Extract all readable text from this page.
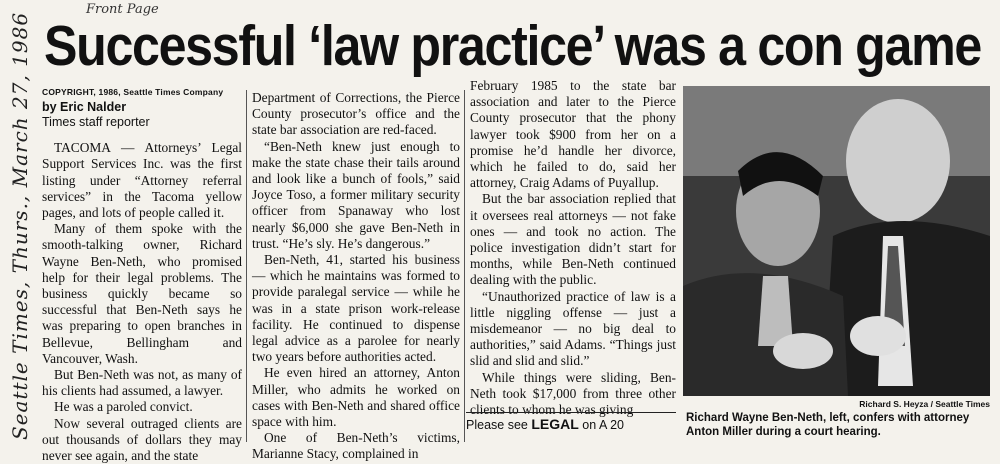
Seattle Times, Thurs., March 27, 1986
Front Page
Successful ‘law practice’ was a con game

COPYRIGHT, 1986, Seattle Times Company

by Eric Nalder

Times staff reporter

TACOMA — Attorneys’ Legal Support Services Inc. was the first listing under “Attorney referral services” in the Tacoma yellow pages, and lots of people called it.

Many of them spoke with the smooth-talking owner, Richard Wayne Ben-Neth, who promised help for their legal problems. The business quickly became so successful that Ben-Neth says he was preparing to open branches in Bellevue, Bellingham and Vancouver, Wash.

But Ben-Neth was not, as many of his clients had assumed, a lawyer.

He was a paroled convict.

Now several outraged clients are out thousands of dollars they may never see again, and the state

Department of Corrections, the Pierce County prosecutor’s office and the state bar association are red-faced.

“Ben-Neth knew just enough to make the state chase their tails around and look like a bunch of fools,” said Joyce Toso, a former military security officer from Spanaway who lost nearly $6,000 she gave Ben-Neth in trust. “He’s sly. He’s dangerous.”

Ben-Neth, 41, started his business — which he maintains was formed to provide paralegal service — while he was in a state prison work-release facility. He continued to dispense legal advice as a parolee for nearly two years before authorities acted.

He even hired an attorney, Anton Miller, who admits he worked on cases with Ben-Neth and shared office space with him.

One of Ben-Neth’s victims, Marianne Stacy, complained in

February 1985 to the state bar association and later to the Pierce County prosecutor that the phony lawyer took $900 from her on a promise he’d handle her divorce, which he failed to do, said her attorney, Craig Adams of Puyallup.

But the bar association replied that it oversees real attorneys — not fake ones — and took no action. The police investigation didn’t start for months, while Ben-Neth continued dealing with the public.

“Unauthorized practice of law is a little niggling offense — just a misdemeanor — no big deal to authorities,” said Adams. “Things just slid and slid and slid.”

While things were sliding, Ben-Neth took $17,000 from three other clients to whom he was giving

Please see LEGAL on A 20
Richard S. Heyza / Seattle Times
Richard Wayne Ben-Neth, left, confers with attorney Anton Miller during a court hearing.
